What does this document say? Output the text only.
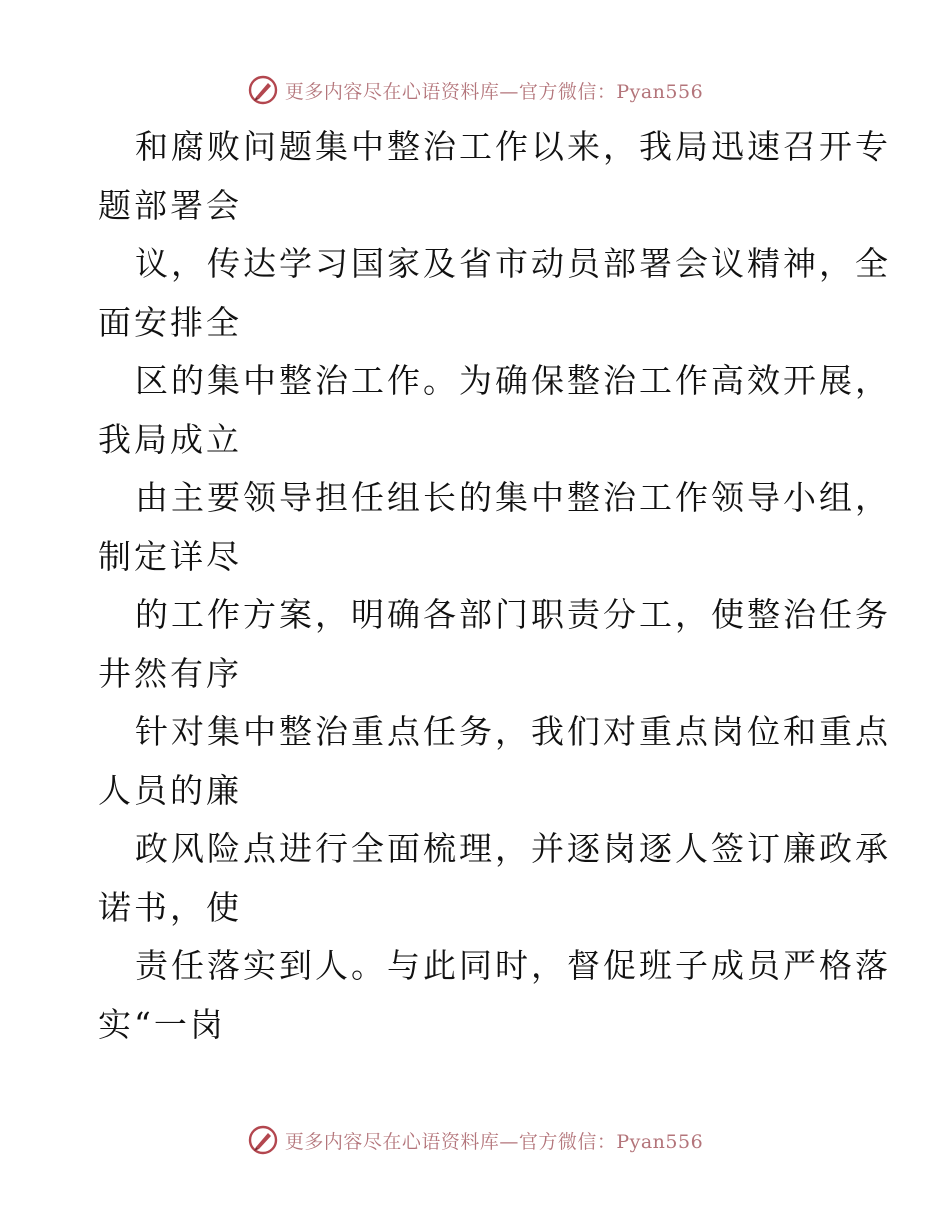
更多内容尽在心语资料库—官方微信：Pyan556
和腐败问题集中整治工作以来，我局迅速召开专
题部署会
议，传达学习国家及省市动员部署会议精神，全
面安排全
区的集中整治工作。为确保整治工作高效开展，
我局成立
由主要领导担任组长的集中整治工作领导小组，
制定详尽
的工作方案，明确各部门职责分工，使整治任务
井然有序
针对集中整治重点任务，我们对重点岗位和重点
人员的廉
政风险点进行全面梳理，并逐岗逐人签订廉政承
诺书，使
责任落实到人。与此同时，督促班子成员严格落
实“一岗
更多内容尽在心语资料库—官方微信：Pyan556
